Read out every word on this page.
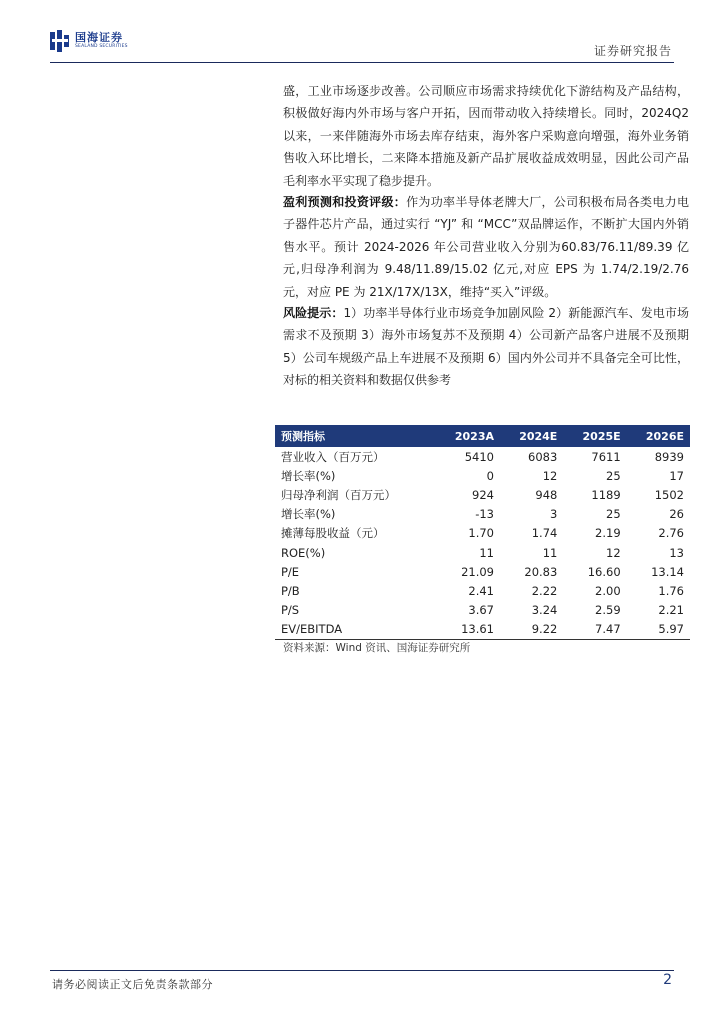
国海证券
SEALAND SECURITIES	证券研究报告
盛，工业市场逐步改善。公司顺应市场需求持续优化下游结构及产品结构，积极做好海内外市场与客户开拓，因而带动收入持续增长。同时，2024Q2 以来，一来伴随海外市场去库存结束，海外客户采购意向增强，海外业务销售收入环比增长，二来降本措施及新产品扩展收益成效明显，因此公司产品毛利率水平实现了稳步提升。
盈利预测和投资评级：作为功率半导体老牌大厂，公司积极布局各类电力电子器件芯片产品，通过实行 “YJ” 和 “MCC”双品牌运作，不断扩大国内外销售水平。预计 2024-2026 年公司营业收入分别为60.83/76.11/89.39 亿元,归母净利润为 9.48/11.89/15.02 亿元,对应 EPS 为 1.74/2.19/2.76 元，对应 PE 为 21X/17X/13X，维持“买入”评级。
风险提示：1）功率半导体行业市场竞争加剧风险 2）新能源汽车、发电市场需求不及预期 3）海外市场复苏不及预期 4）公司新产品客户进展不及预期 5）公司车规级产品上车进展不及预期 6）国内外公司并不具备完全可比性，对标的相关资料和数据仅供参考
预测指标	2023A	2024E	2025E	2026E
营业收入（百万元）	5410	6083	7611	8939
增长率(%)	0	12	25	17
归母净利润（百万元）	924	948	1189	1502
增长率(%)	-13	3	25	26
摊薄每股收益（元）	1.70	1.74	2.19	2.76
ROE(%)	11	11	12	13
P/E	21.09	20.83	16.60	13.14
P/B	2.41	2.22	2.00	1.76
P/S	3.67	3.24	2.59	2.21
EV/EBITDA	13.61	9.22	7.47	5.97
资料来源：Wind 资讯、国海证券研究所
请务必阅读正文后免责条款部分	2
